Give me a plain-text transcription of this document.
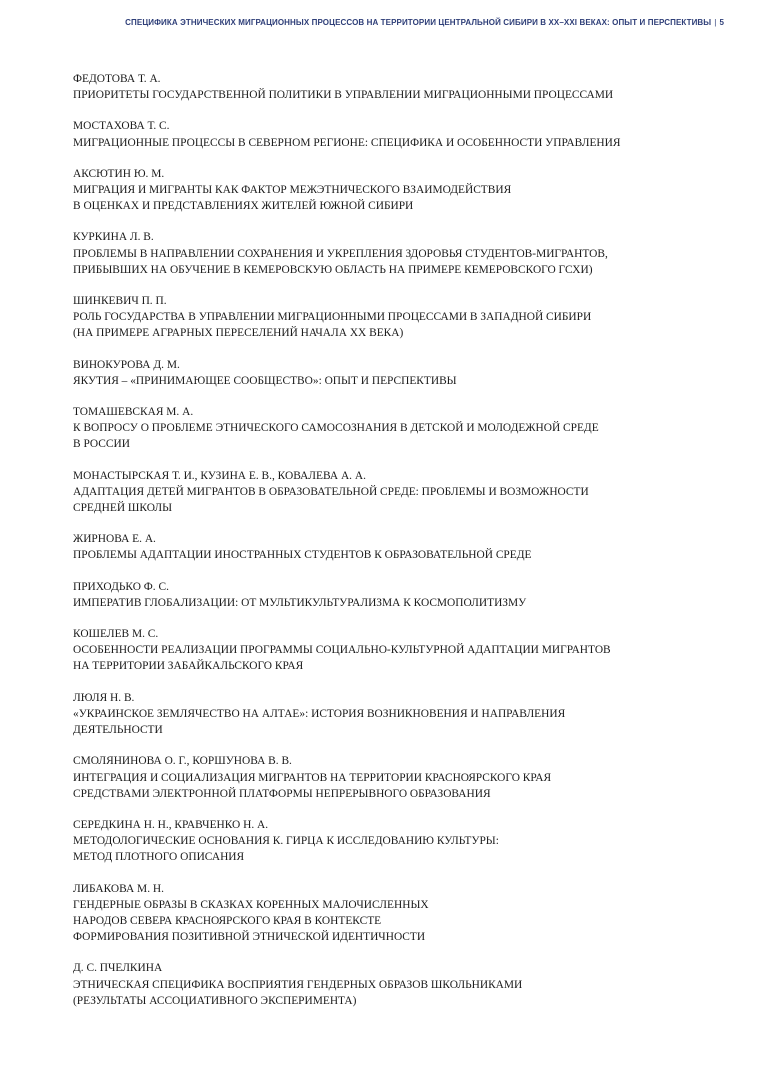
СПЕЦИФИКА ЭТНИЧЕСКИХ МИГРАЦИОННЫХ ПРОЦЕССОВ НА ТЕРРИТОРИИ ЦЕНТРАЛЬНОЙ СИБИРИ В XX–XXI ВЕКАХ: ОПЫТ И ПЕРСПЕКТИВЫ | 5
ФЕДОТОВА Т. А.
ПРИОРИТЕТЫ ГОСУДАРСТВЕННОЙ ПОЛИТИКИ В УПРАВЛЕНИИ МИГРАЦИОННЫМИ ПРОЦЕССАМИ
МОСТАХОВА Т. С.
МИГРАЦИОННЫЕ ПРОЦЕССЫ В СЕВЕРНОМ РЕГИОНЕ: СПЕЦИФИКА И ОСОБЕННОСТИ УПРАВЛЕНИЯ
АКСЮТИН Ю. М.
МИГРАЦИЯ И МИГРАНТЫ КАК ФАКТОР МЕЖЭТНИЧЕСКОГО ВЗАИМОДЕЙСТВИЯ
В ОЦЕНКАХ И ПРЕДСТАВЛЕНИЯХ ЖИТЕЛЕЙ ЮЖНОЙ СИБИРИ
КУРКИНА Л. В.
ПРОБЛЕМЫ В НАПРАВЛЕНИИ СОХРАНЕНИЯ И УКРЕПЛЕНИЯ ЗДОРОВЬЯ СТУДЕНТОВ-МИГРАНТОВ,
ПРИБЫВШИХ НА ОБУЧЕНИЕ В КЕМЕРОВСКУЮ ОБЛАСТЬ НА ПРИМЕРЕ КЕМЕРОВСКОГО ГСХИ)
ШИНКЕВИЧ П. П.
РОЛЬ ГОСУДАРСТВА В УПРАВЛЕНИИ МИГРАЦИОННЫМИ ПРОЦЕССАМИ В ЗАПАДНОЙ СИБИРИ
(НА ПРИМЕРЕ АГРАРНЫХ ПЕРЕСЕЛЕНИЙ НАЧАЛА XX ВЕКА)
ВИНОКУРОВА Д. М.
ЯКУТИЯ – «ПРИНИМАЮЩЕЕ СООБЩЕСТВО»: ОПЫТ И ПЕРСПЕКТИВЫ
ТОМАШЕВСКАЯ М. А.
К ВОПРОСУ О ПРОБЛЕМЕ ЭТНИЧЕСКОГО САМОСОЗНАНИЯ В ДЕТСКОЙ И МОЛОДЕЖНОЙ СРЕДЕ
В РОССИИ
МОНАСТЫРСКАЯ Т. И., КУЗИНА Е. В., КОВАЛЕВА А. А.
АДАПТАЦИЯ ДЕТЕЙ МИГРАНТОВ В ОБРАЗОВАТЕЛЬНОЙ СРЕДЕ: ПРОБЛЕМЫ И ВОЗМОЖНОСТИ
СРЕДНЕЙ ШКОЛЫ
ЖИРНОВА Е. А.
ПРОБЛЕМЫ АДАПТАЦИИ ИНОСТРАННЫХ СТУДЕНТОВ К ОБРАЗОВАТЕЛЬНОЙ СРЕДЕ
ПРИХОДЬКО Ф. С.
ИМПЕРАТИВ ГЛОБАЛИЗАЦИИ: ОТ МУЛЬТИКУЛЬТУРАЛИЗМА К КОСМОПОЛИТИЗМУ
КОШЕЛЕВ М. С.
ОСОБЕННОСТИ РЕАЛИЗАЦИИ ПРОГРАММЫ СОЦИАЛЬНО-КУЛЬТУРНОЙ АДАПТАЦИИ МИГРАНТОВ
НА ТЕРРИТОРИИ ЗАБАЙКАЛЬСКОГО КРАЯ
ЛЮЛЯ Н. В.
«УКРАИНСКОЕ ЗЕМЛЯЧЕСТВО НА АЛТАЕ»: ИСТОРИЯ ВОЗНИКНОВЕНИЯ И НАПРАВЛЕНИЯ
ДЕЯТЕЛЬНОСТИ
СМОЛЯНИНОВА О. Г., КОРШУНОВА В. В.
ИНТЕГРАЦИЯ И СОЦИАЛИЗАЦИЯ МИГРАНТОВ НА ТЕРРИТОРИИ КРАСНОЯРСКОГО КРАЯ
СРЕДСТВАМИ ЭЛЕКТРОННОЙ ПЛАТФОРМЫ НЕПРЕРЫВНОГО ОБРАЗОВАНИЯ
СЕРЕДКИНА Н. Н., КРАВЧЕНКО Н. А.
МЕТОДОЛОГИЧЕСКИЕ ОСНОВАНИЯ К. ГИРЦА К ИССЛЕДОВАНИЮ КУЛЬТУРЫ:
МЕТОД ПЛОТНОГО ОПИСАНИЯ
ЛИБАКОВА М. Н.
ГЕНДЕРНЫЕ ОБРАЗЫ В СКАЗКАХ КОРЕННЫХ МАЛОЧИСЛЕННЫХ
НАРОДОВ СЕВЕРА КРАСНОЯРСКОГО КРАЯ В КОНТЕКСТЕ
ФОРМИРОВАНИЯ ПОЗИТИВНОЙ ЭТНИЧЕСКОЙ ИДЕНТИЧНОСТИ
Д. С. ПЧЕЛКИНА
ЭТНИЧЕСКАЯ СПЕЦИФИКА ВОСПРИЯТИЯ ГЕНДЕРНЫХ ОБРАЗОВ ШКОЛЬНИКАМИ
(РЕЗУЛЬТАТЫ АССОЦИАТИВНОГО ЭКСПЕРИМЕНТА)
